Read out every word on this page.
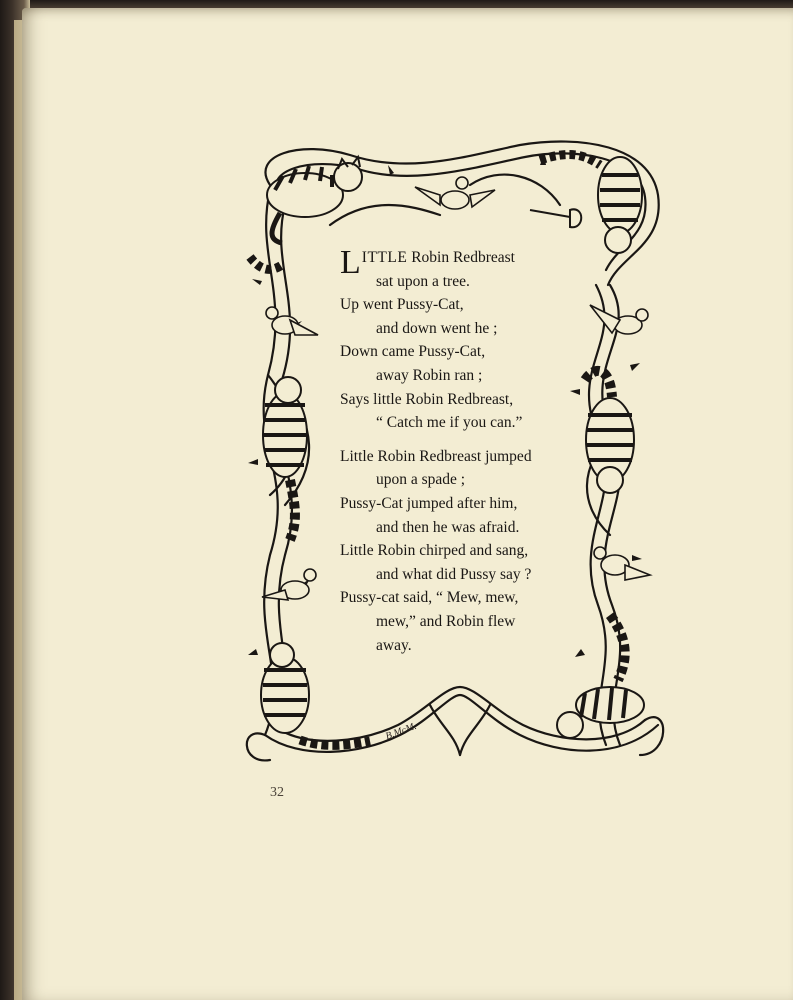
LITTLE Robin Redbreast
sat upon a tree.
Up went Pussy-Cat,
and down went he ;
Down came Pussy-Cat,
away Robin ran ;
Says little Robin Redbreast,
“ Catch me if you can.”
Little Robin Redbreast jumped
upon a spade ;
Pussy-Cat jumped after him,
and then he was afraid.
Little Robin chirped and sang,
and what did Pussy say ?
Pussy-cat said, “ Mew, mew,
mew,” and Robin flew
away.
B.McM.
32
